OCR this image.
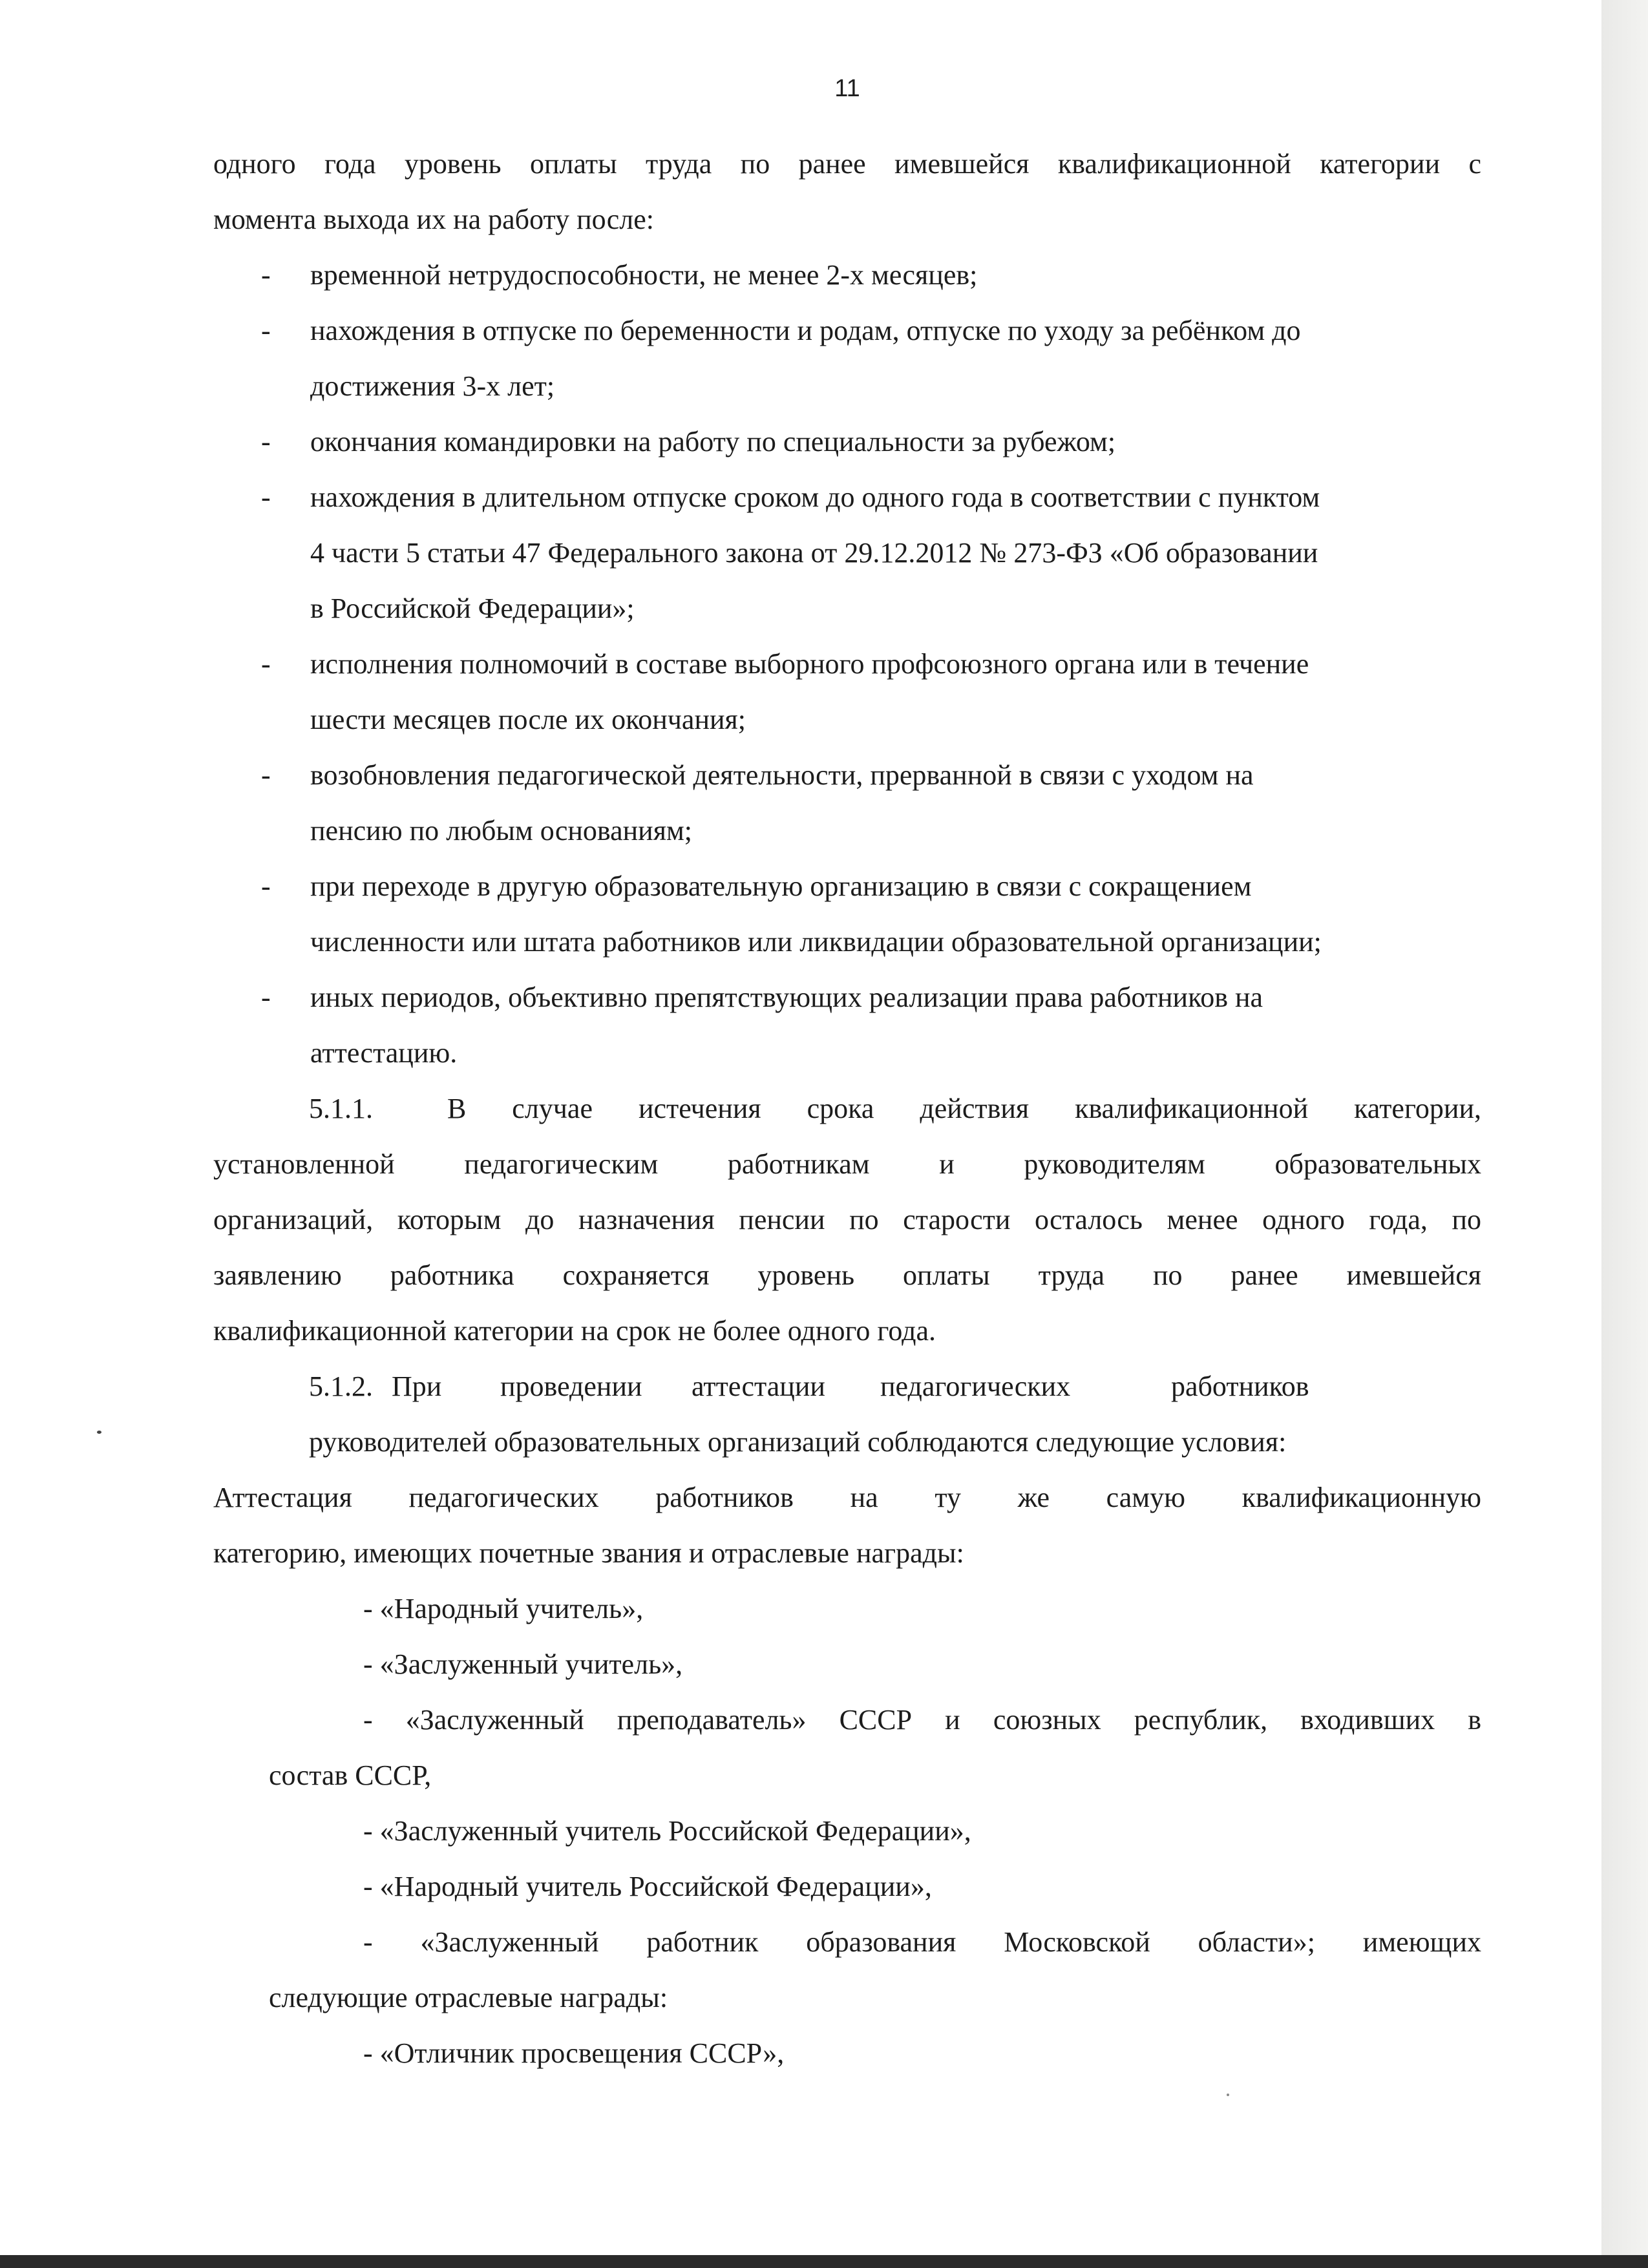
11
одного года уровень оплаты труда по ранее имевшейся квалификационной категории с
момента выхода их на работу после:
- временной нетрудоспособности, не менее 2-х месяцев;
- нахождения в отпуске по беременности и родам, отпуске по уходу за ребёнком до
достижения 3-х лет;
- окончания командировки на работу по специальности за рубежом;
- нахождения в длительном отпуске сроком до одного года в соответствии с пунктом
4 части 5 статьи 47 Федерального закона от 29.12.2012 № 273-ФЗ «Об образовании
в Российской Федерации»;
- исполнения полномочий в составе выборного профсоюзного органа или в течение
шести месяцев после их окончания;
- возобновления педагогической деятельности, прерванной в связи с уходом на
пенсию по любым основаниям;
- при переходе в другую образовательную организацию в связи с сокращением
численности или штата работников или ликвидации образовательной организации;
- иных периодов, объективно препятствующих реализации права работников на
аттестацию.
5.1.1.	В случае истечения срока действия квалификационной категории,
установленной педагогическим работникам и руководителям образовательных
организаций, которым до назначения пенсии по старости осталось менее одного года, по
заявлению работника сохраняется уровень оплаты труда по ранее имевшейся
квалификационной категории на срок не более одного года.
5.1.2. При проведении аттестации педагогических	работников
руководителей образовательных организаций соблюдаются следующие условия:
Аттестация педагогических работников на ту же самую квалификационную
категорию, имеющих почетные звания и отраслевые награды:
- «Народный учитель»,
- «Заслуженный учитель»,
- «Заслуженный преподаватель» СССР и союзных республик, входивших в
состав СССР,
- «Заслуженный учитель Российской Федерации»,
- «Народный учитель Российской Федерации»,
- «Заслуженный работник образования Московской области»; имеющих
следующие отраслевые награды:
- «Отличник просвещения СССР»,
